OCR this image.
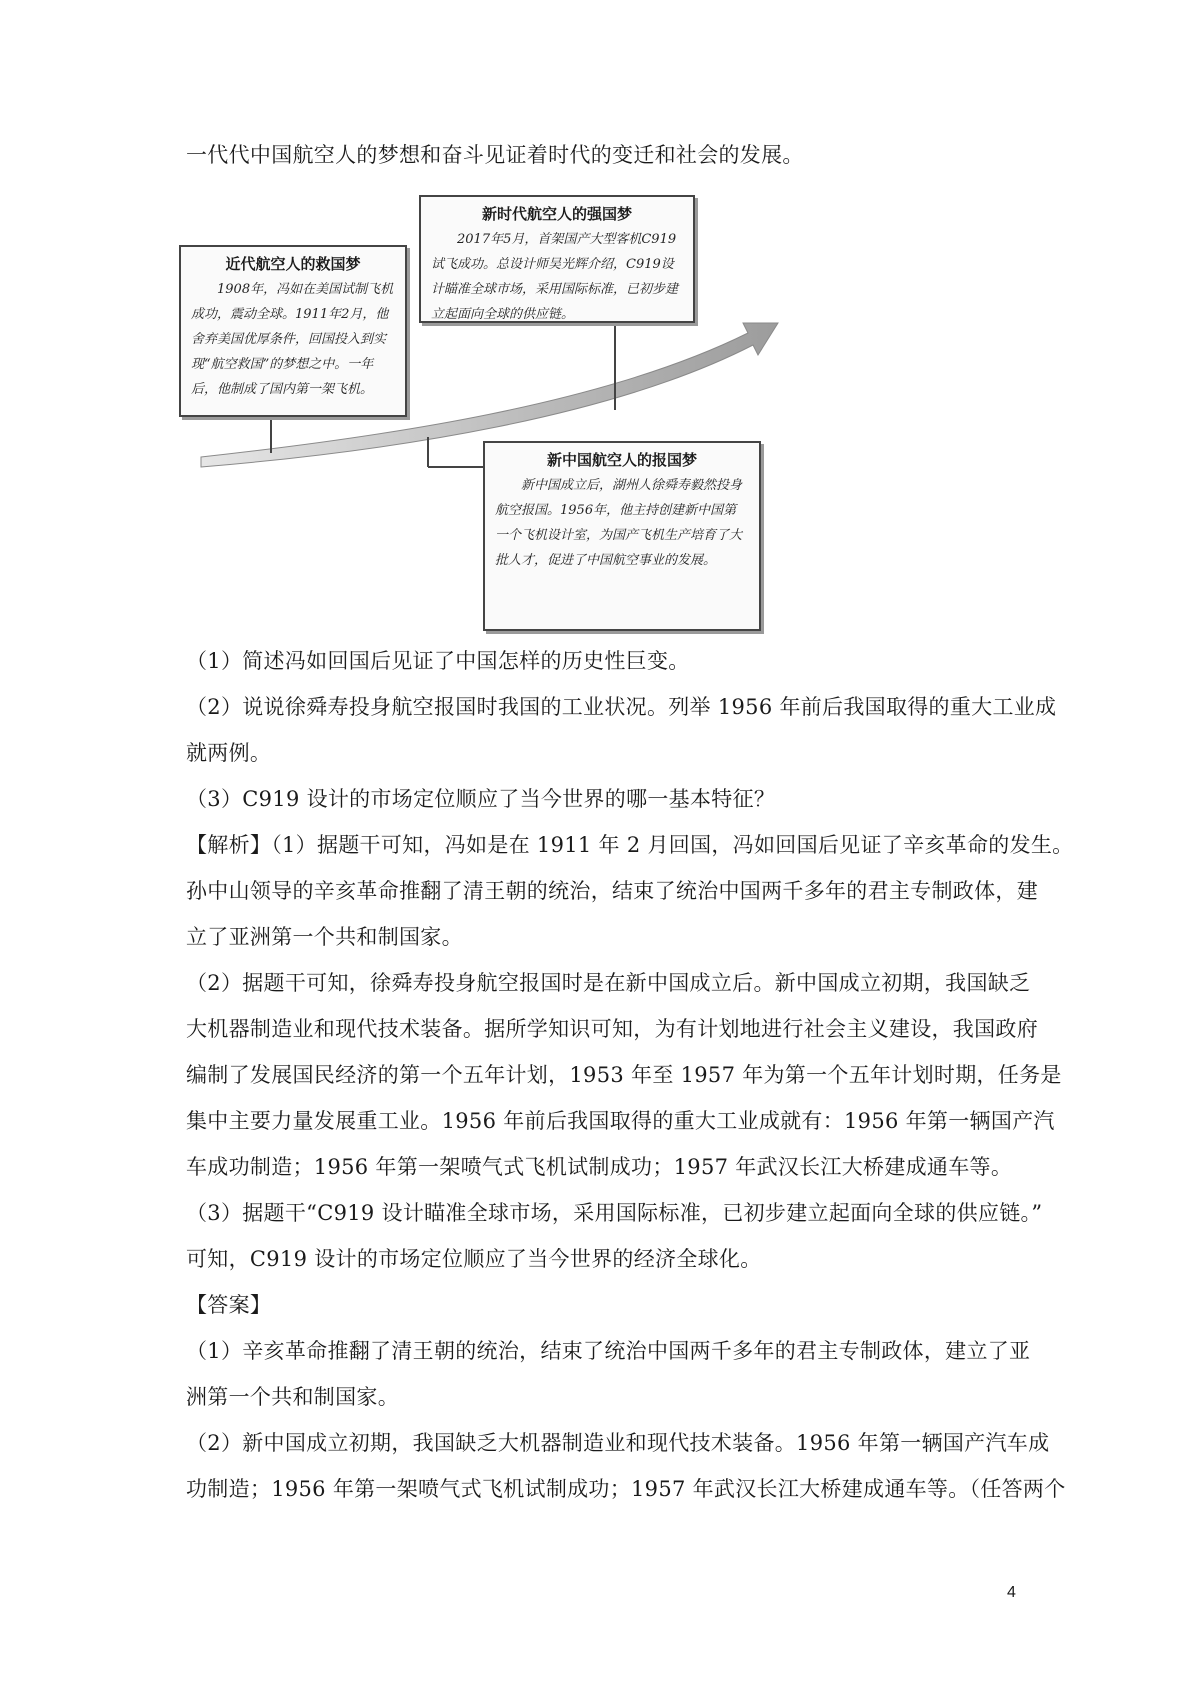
一代代中国航空人的梦想和奋斗见证着时代的变迁和社会的发展。
近代航空人的救国梦
1908年，冯如在美国试制飞机成功，震动全球。1911年2月，他舍弃美国优厚条件，回国投入到实现“航空救国”的梦想之中。一年后，他制成了国内第一架飞机。
新时代航空人的强国梦
2017年5月，首架国产大型客机C919试飞成功。总设计师吴光辉介绍，C919设计瞄准全球市场，采用国际标准，已初步建立起面向全球的供应链。
新中国航空人的报国梦
新中国成立后，湖州人徐舜寿毅然投身航空报国。1956年，他主持创建新中国第一个飞机设计室，为国产飞机生产培育了大批人才，促进了中国航空事业的发展。
（1）简述冯如回国后见证了中国怎样的历史性巨变。
（2）说说徐舜寿投身航空报国时我国的工业状况。列举 1956 年前后我国取得的重大工业成
就两例。
（3）C919 设计的市场定位顺应了当今世界的哪一基本特征？
【解析】（1）据题干可知，冯如是在 1911 年 2 月回国，冯如回国后见证了辛亥革命的发生。
孙中山领导的辛亥革命推翻了清王朝的统治，结束了统治中国两千多年的君主专制政体，建
立了亚洲第一个共和制国家。
（2）据题干可知，徐舜寿投身航空报国时是在新中国成立后。新中国成立初期，我国缺乏
大机器制造业和现代技术装备。据所学知识可知，为有计划地进行社会主义建设，我国政府
编制了发展国民经济的第一个五年计划，1953 年至 1957 年为第一个五年计划时期，任务是
集中主要力量发展重工业。1956 年前后我国取得的重大工业成就有：1956 年第一辆国产汽
车成功制造；1956 年第一架喷气式飞机试制成功；1957 年武汉长江大桥建成通车等。
（3）据题干“C919 设计瞄准全球市场，采用国际标准，已初步建立起面向全球的供应链。”
可知，C919 设计的市场定位顺应了当今世界的经济全球化。
【答案】
（1）辛亥革命推翻了清王朝的统治，结束了统治中国两千多年的君主专制政体，建立了亚
洲第一个共和制国家。
（2）新中国成立初期，我国缺乏大机器制造业和现代技术装备。1956 年第一辆国产汽车成
功制造；1956 年第一架喷气式飞机试制成功；1957 年武汉长江大桥建成通车等。（任答两个
4
